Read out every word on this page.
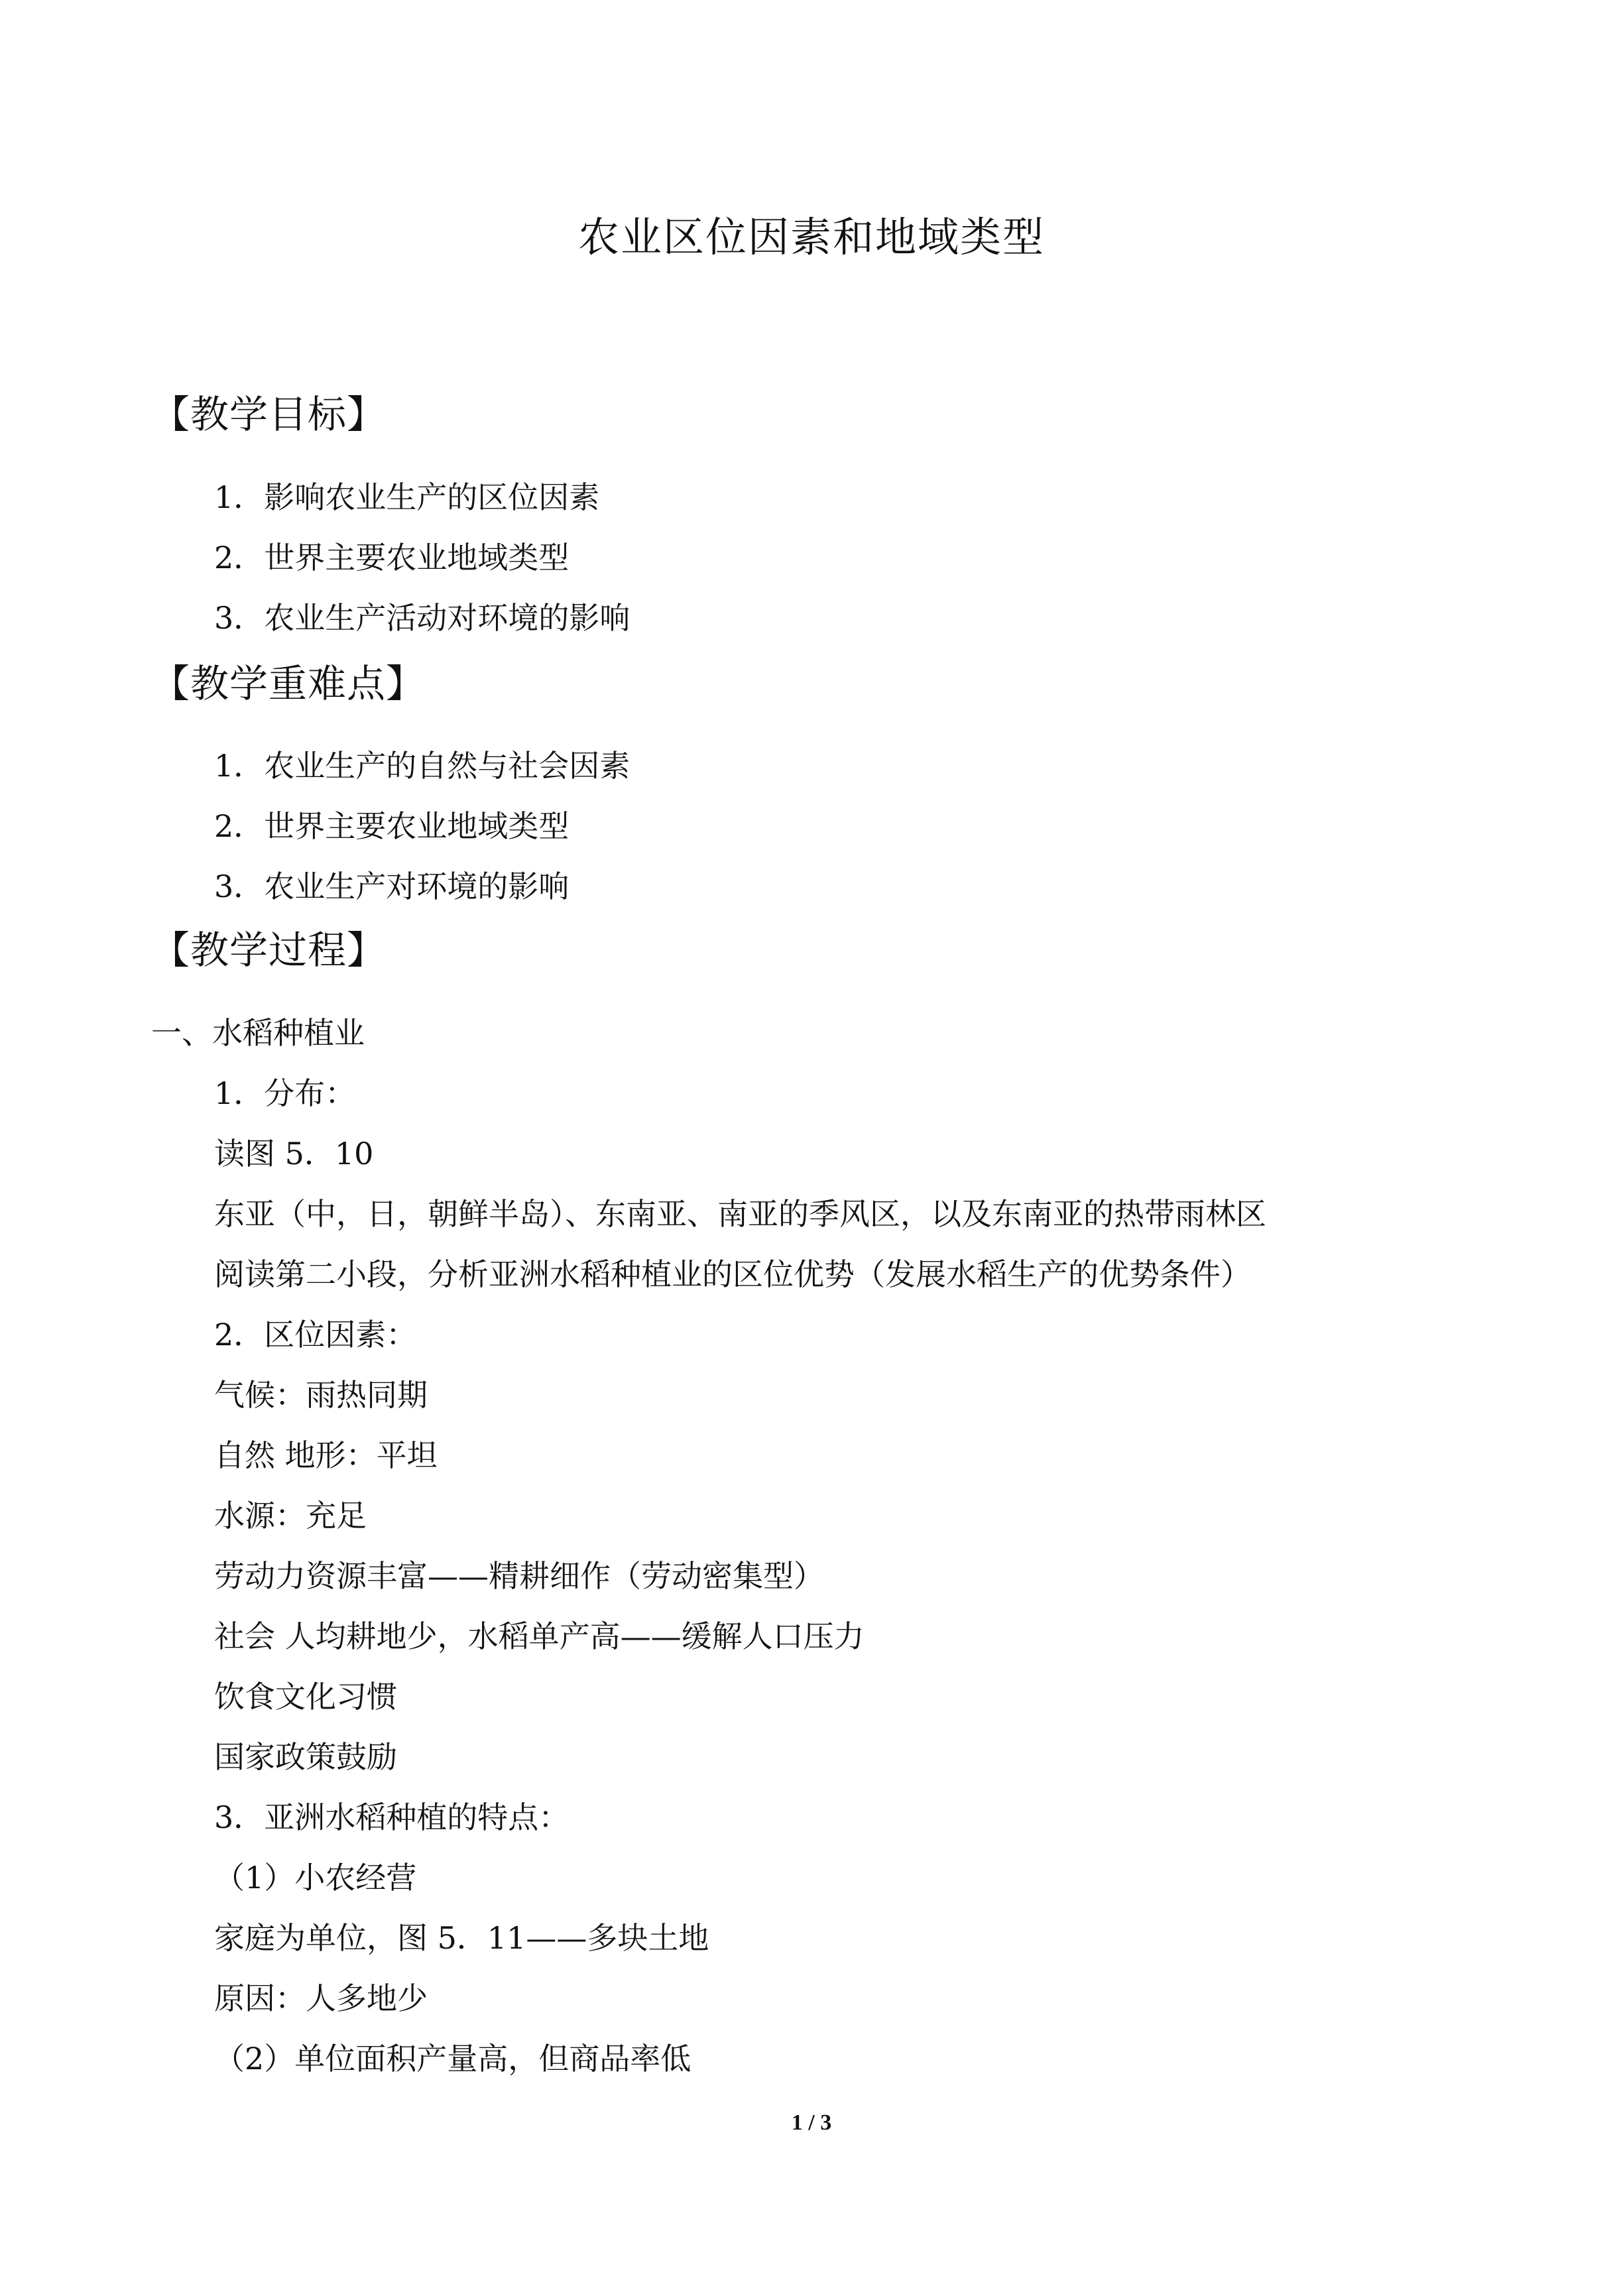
农业区位因素和地域类型
【教学目标】
1．影响农业生产的区位因素
2．世界主要农业地域类型
3．农业生产活动对环境的影响
【教学重难点】
1．农业生产的自然与社会因素
2．世界主要农业地域类型
3．农业生产对环境的影响
【教学过程】
一、水稻种植业
1．分布：
读图 5．10
东亚（中，日，朝鲜半岛）、东南亚、南亚的季风区，以及东南亚的热带雨林区
阅读第二小段，分析亚洲水稻种植业的区位优势（发展水稻生产的优势条件）
2．区位因素：
气候：雨热同期
自然 地形：平坦
水源：充足
劳动力资源丰富——精耕细作（劳动密集型）
社会 人均耕地少，水稻单产高——缓解人口压力
饮食文化习惯
国家政策鼓励
3．亚洲水稻种植的特点：
（1）小农经营
家庭为单位，图 5．11——多块土地
原因：人多地少
（2）单位面积产量高，但商品率低
1 / 3
